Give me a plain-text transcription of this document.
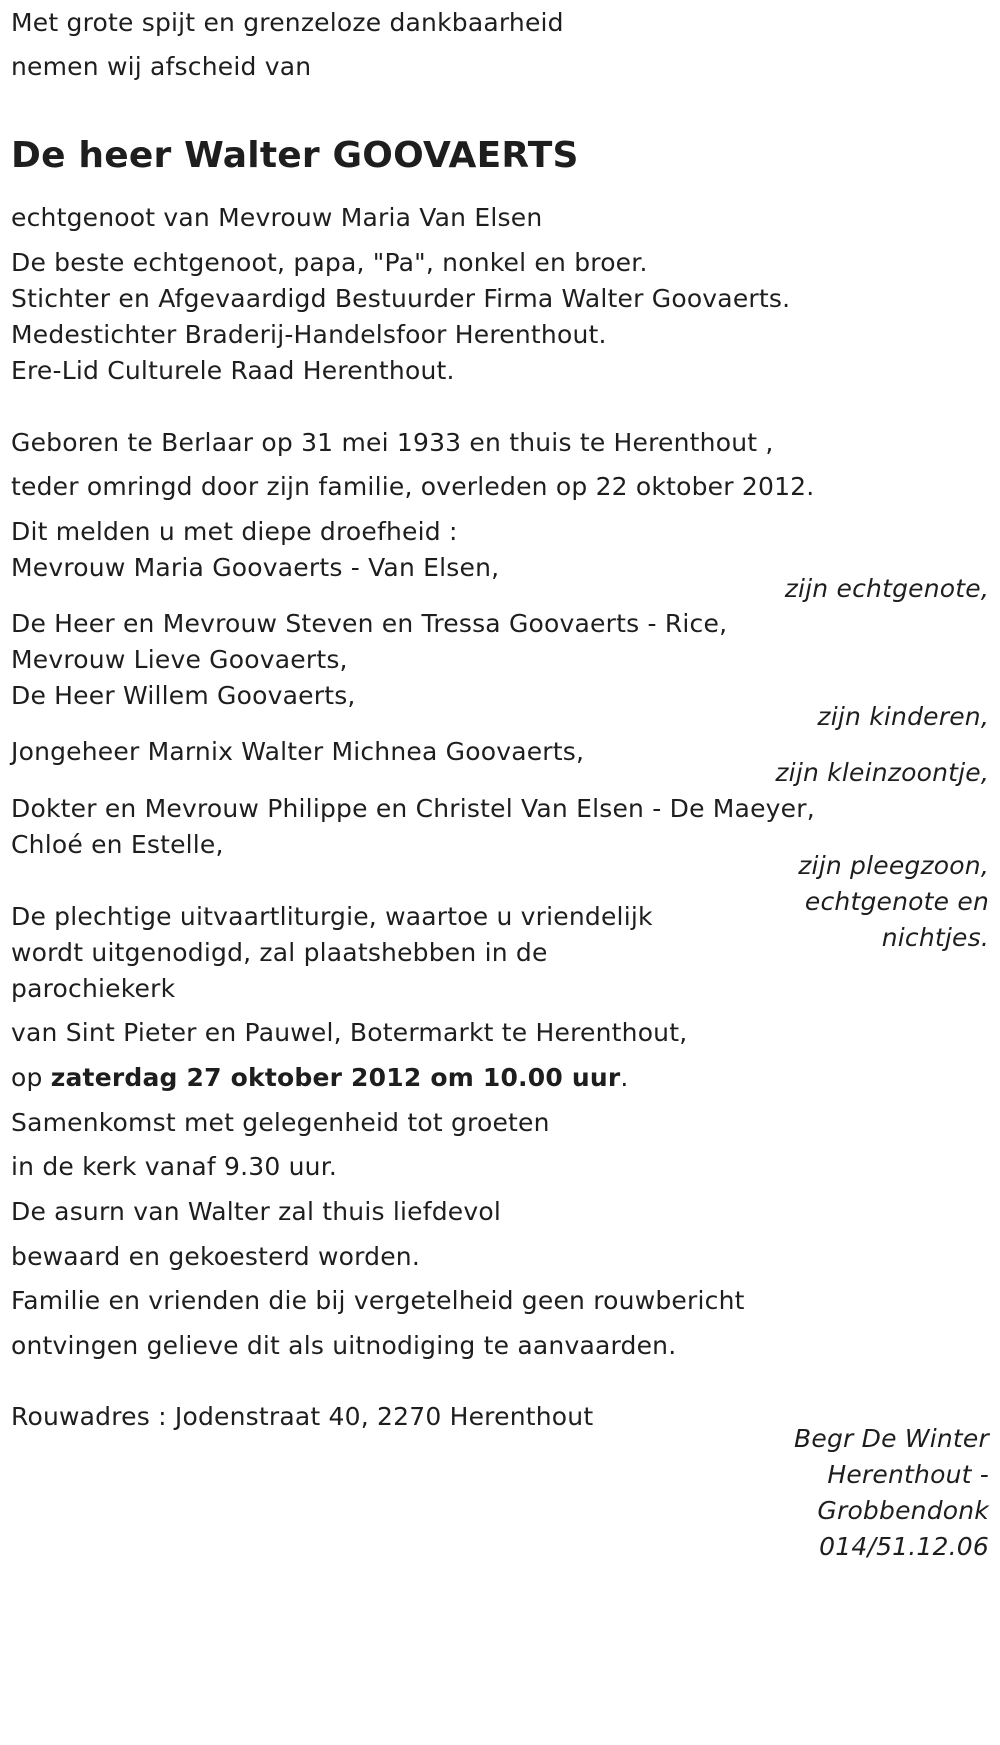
Met grote spijt en grenzeloze dankbaarheid
nemen wij afscheid van
De heer Walter GOOVAERTS
echtgenoot van Mevrouw Maria Van Elsen
De beste echtgenoot, papa, "Pa", nonkel en broer.
Stichter en Afgevaardigd Bestuurder Firma Walter Goovaerts.
Medestichter Braderij-Handelsfoor Herenthout.
Ere-Lid Culturele Raad Herenthout.
Geboren te Berlaar op 31 mei 1933 en thuis te Herenthout ,
teder omringd door zijn familie, overleden op 22 oktober 2012.
Dit melden u met diepe droefheid :
Mevrouw Maria Goovaerts - Van Elsen,
zijn echtgenote,
De Heer en Mevrouw Steven en Tressa Goovaerts - Rice,
Mevrouw Lieve Goovaerts,
De Heer Willem Goovaerts,
zijn kinderen,
Jongeheer Marnix Walter Michnea Goovaerts,
zijn kleinzoontje,
Dokter en Mevrouw Philippe en Christel Van Elsen - De Maeyer,
Chloé en Estelle,
zijn pleegzoon,
echtgenote en
nichtjes.
De plechtige uitvaartliturgie, waartoe u vriendelijk
wordt uitgenodigd, zal plaatshebben in de
parochiekerk
van Sint Pieter en Pauwel, Botermarkt te Herenthout,
op zaterdag 27 oktober 2012 om 10.00 uur.
Samenkomst met gelegenheid tot groeten
in de kerk vanaf 9.30 uur.
De asurn van Walter zal thuis liefdevol
bewaard en gekoesterd worden.
Familie en vrienden die bij vergetelheid geen rouwbericht
ontvingen gelieve dit als uitnodiging te aanvaarden.
Rouwadres : Jodenstraat 40, 2270 Herenthout
Begr De Winter
Herenthout -
Grobbendonk
014/51.12.06
